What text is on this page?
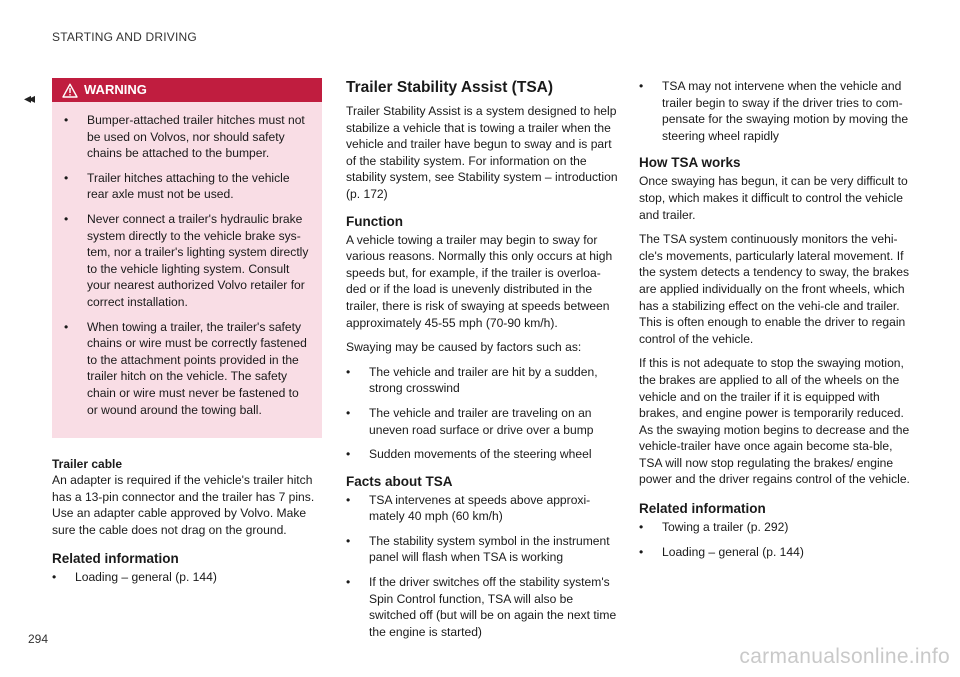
STARTING AND DRIVING
◂◂
WARNING
• Bumper-attached trailer hitches must not be used on Volvos, nor should safety chains be attached to the bumper.
• Trailer hitches attaching to the vehicle rear axle must not be used.
• Never connect a trailer's hydraulic brake system directly to the vehicle brake sys-tem, nor a trailer's lighting system directly to the vehicle lighting system. Consult your nearest authorized Volvo retailer for correct installation.
• When towing a trailer, the trailer's safety chains or wire must be correctly fastened to the attachment points provided in the trailer hitch on the vehicle. The safety chain or wire must never be fastened to or wound around the towing ball.
Trailer cable

An adapter is required if the vehicle's trailer hitch has a 13-pin connector and the trailer has 7 pins. Use an adapter cable approved by Volvo. Make sure the cable does not drag on the ground.

Related information
• Loading – general (p. 144)
Trailer Stability Assist (TSA)

Trailer Stability Assist is a system designed to help stabilize a vehicle that is towing a trailer when the vehicle and trailer have begun to sway and is part of the stability system. For information on the stability system, see Stability system – introduction (p. 172)

Function

A vehicle towing a trailer may begin to sway for various reasons. Normally this only occurs at high speeds but, for example, if the trailer is overloa-ded or if the load is unevenly distributed in the trailer, there is risk of swaying at speeds between approximately 45-55 mph (70-90 km/h).

Swaying may be caused by factors such as:

• The vehicle and trailer are hit by a sudden, strong crosswind
• The vehicle and trailer are traveling on an uneven road surface or drive over a bump
• Sudden movements of the steering wheel
Facts about TSA
• TSA intervenes at speeds above approxi-mately 40 mph (60 km/h)
• The stability system symbol in the instrument panel will flash when TSA is working
• If the driver switches off the stability system's Spin Control function, TSA will also be switched off (but will be on again the next time the engine is started)
• TSA may not intervene when the vehicle and trailer begin to sway if the driver tries to com-pensate for the swaying motion by moving the steering wheel rapidly
How TSA works

Once swaying has begun, it can be very difficult to stop, which makes it difficult to control the vehicle and trailer.

The TSA system continuously monitors the vehi-cle's movements, particularly lateral movement. If the system detects a tendency to sway, the brakes are applied individually on the front wheels, which has a stabilizing effect on the vehi-cle and trailer. This is often enough to enable the driver to regain control of the vehicle.

If this is not adequate to stop the swaying motion, the brakes are applied to all of the wheels on the vehicle and on the trailer if it is equipped with brakes, and engine power is temporarily reduced. As the swaying motion begins to decrease and the vehicle-trailer have once again become sta-ble, TSA will now stop regulating the brakes/ engine power and the driver regains control of the vehicle.

Related information
• Towing a trailer (p. 292)
• Loading – general (p. 144)
294
carmanualsonline.info
